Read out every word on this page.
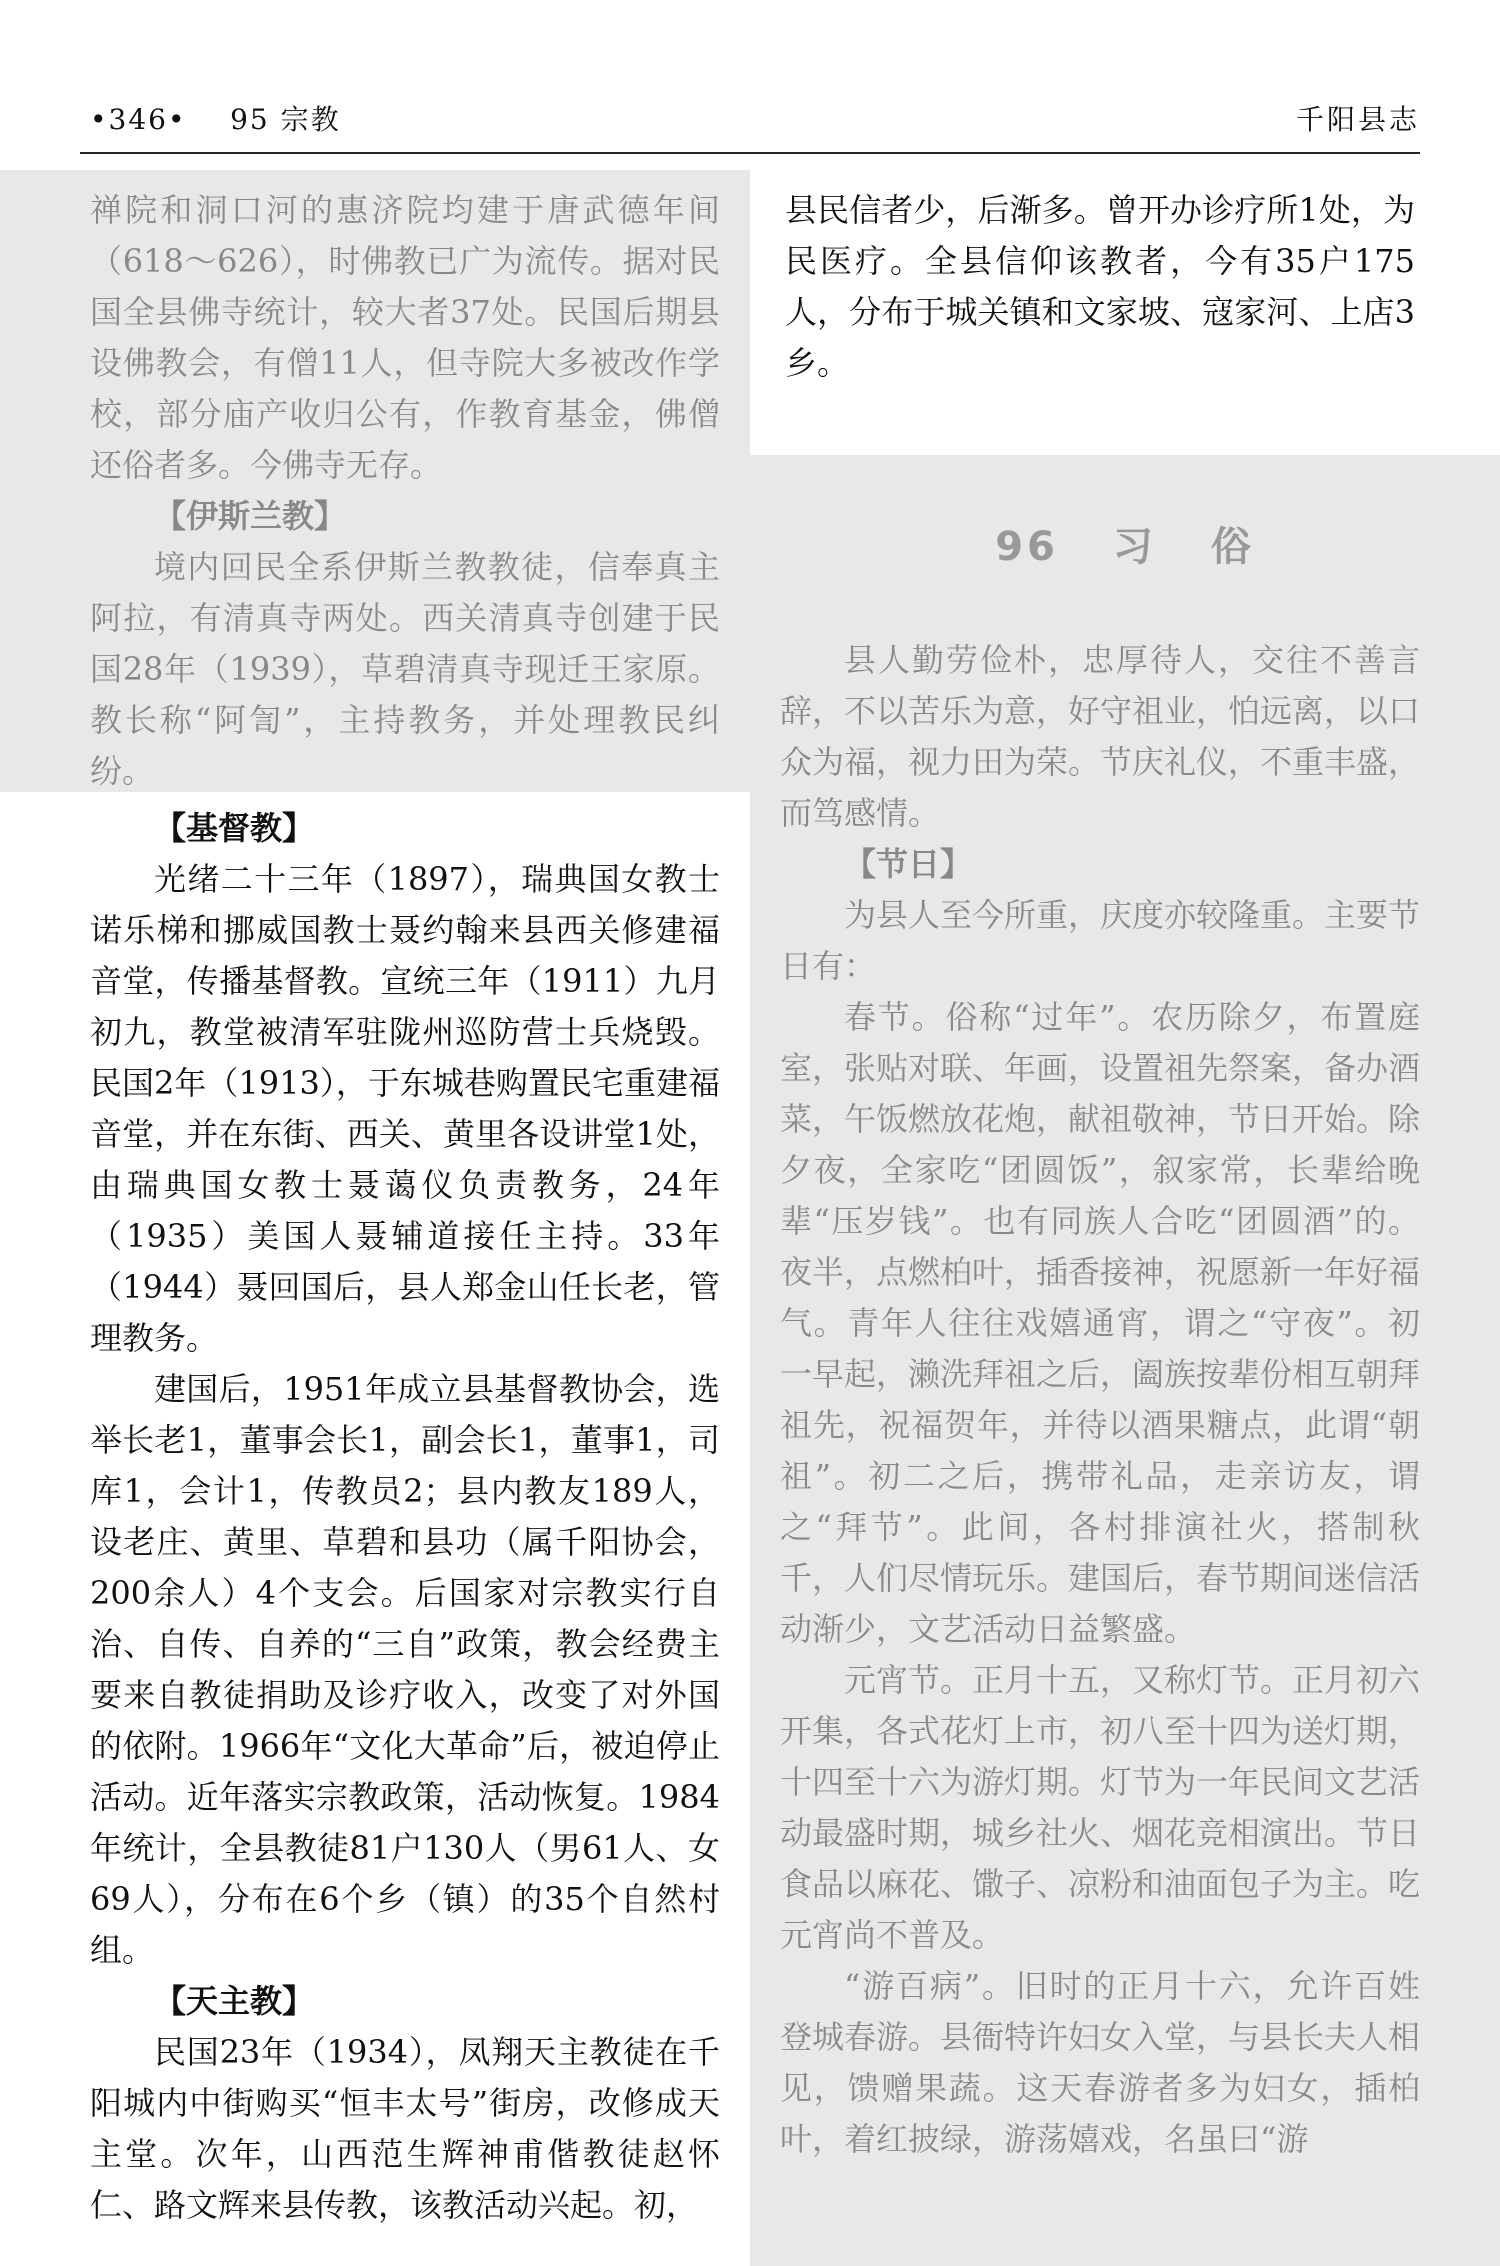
•346• 95 宗教	千阳县志

禅院和洞口河的惠济院均建于唐武德年间（618～626），时佛教已广为流传。据对民国全县佛寺统计，较大者37处。民国后期县设佛教会，有僧11人，但寺院大多被改作学校，部分庙产收归公有，作教育基金，佛僧还俗者多。今佛寺无存。

【伊斯兰教】

境内回民全系伊斯兰教教徒，信奉真主阿拉，有清真寺两处。西关清真寺创建于民国28年（1939），草碧清真寺现迁王家原。教长称“阿訇”，主持教务，并处理教民纠纷。

【基督教】

光绪二十三年（1897），瑞典国女教士诺乐梯和挪威国教士聂约翰来县西关修建福音堂，传播基督教。宣统三年（1911）九月初九，教堂被清军驻陇州巡防营士兵烧毁。民国2年（1913），于东城巷购置民宅重建福音堂，并在东街、西关、黄里各设讲堂1处，由瑞典国女教士聂蔼仪负责教务，24年（1935）美国人聂辅道接任主持。33年（1944）聂回国后，县人郑金山任长老，管理教务。

建国后，1951年成立县基督教协会，选举长老1，董事会长1，副会长1，董事1，司库1，会计1，传教员2；县内教友189人，设老庄、黄里、草碧和县功（属千阳协会，200余人）4个支会。后国家对宗教实行自治、自传、自养的“三自”政策，教会经费主要来自教徒捐助及诊疗收入，改变了对外国的依附。1966年“文化大革命”后，被迫停止活动。近年落实宗教政策，活动恢复。1984年统计，全县教徒81户130人（男61人、女69人），分布在6个乡（镇）的35个自然村组。

【天主教】

民国23年（1934），凤翔天主教徒在千阳城内中街购买“恒丰太号”街房，改修成天主堂。次年，山西范生辉神甫偕教徒赵怀仁、路文辉来县传教，该教活动兴起。初，

县民信者少，后渐多。曾开办诊疗所1处，为民医疗。全县信仰该教者，今有35户175人，分布于城关镇和文家坡、寇家河、上店3乡。

96 习 俗

县人勤劳俭朴，忠厚待人，交往不善言辞，不以苦乐为意，好守祖业，怕远离，以口众为福，视力田为荣。节庆礼仪，不重丰盛，而笃感情。

【节日】

为县人至今所重，庆度亦较隆重。主要节日有：

春节。俗称“过年”。农历除夕，布置庭室，张贴对联、年画，设置祖先祭案，备办酒菜，午饭燃放花炮，献祖敬神，节日开始。除夕夜，全家吃“团圆饭”，叙家常，长辈给晚辈“压岁钱”。也有同族人合吃“团圆酒”的。夜半，点燃柏叶，插香接神，祝愿新一年好福气。青年人往往戏嬉通宵，谓之“守夜”。初一早起，濑洗拜祖之后，阖族按辈份相互朝拜祖先，祝福贺年，并待以酒果糖点，此谓“朝祖”。初二之后，携带礼品，走亲访友，谓之“拜节”。此间，各村排演社火，搭制秋千，人们尽情玩乐。建国后，春节期间迷信活动渐少，文艺活动日益繁盛。

元宵节。正月十五，又称灯节。正月初六开集，各式花灯上市，初八至十四为送灯期，十四至十六为游灯期。灯节为一年民间文艺活动最盛时期，城乡社火、烟花竞相演出。节日食品以麻花、馓子、凉粉和油面包子为主。吃元宵尚不普及。

“游百病”。旧时的正月十六，允许百姓登城春游。县衙特许妇女入堂，与县长夫人相见，馈赠果蔬。这天春游者多为妇女，插柏叶，着红披绿，游荡嬉戏，名虽曰“游
